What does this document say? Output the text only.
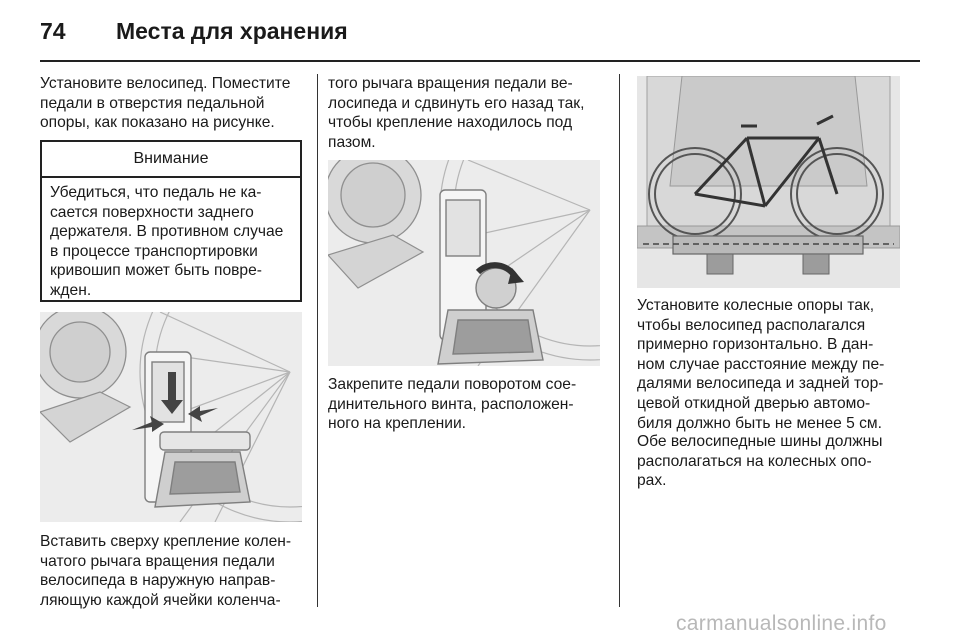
74 Места для хранения

Установите велосипед. Поместите педали в отверстия педальной опоры, как показано на рисунке.

Внимание
Убедиться, что педаль не ка-сается поверхности заднего держателя. В противном случае в процессе транспортировки кривошип может быть повре-жден.

Вставить сверху крепление колен-чатого рычага вращения педали велосипеда в наружную направ-ляющую каждой ячейки коленча-

того рычага вращения педали ве-лосипеда и сдвинуть его назад так, чтобы крепление находилось под пазом.

Закрепите педали поворотом сое-динительного винта, расположен-ного на креплении.

Установите колесные опоры так, чтобы велосипед располагался примерно горизонтально. В дан-ном случае расстояние между пе-далями велосипеда и задней тор-цевой откидной дверью автомо-биля должно быть не менее 5 см.

Обе велосипедные шины должны располагаться на колесных опо-рах.

carmanualsonline.info
